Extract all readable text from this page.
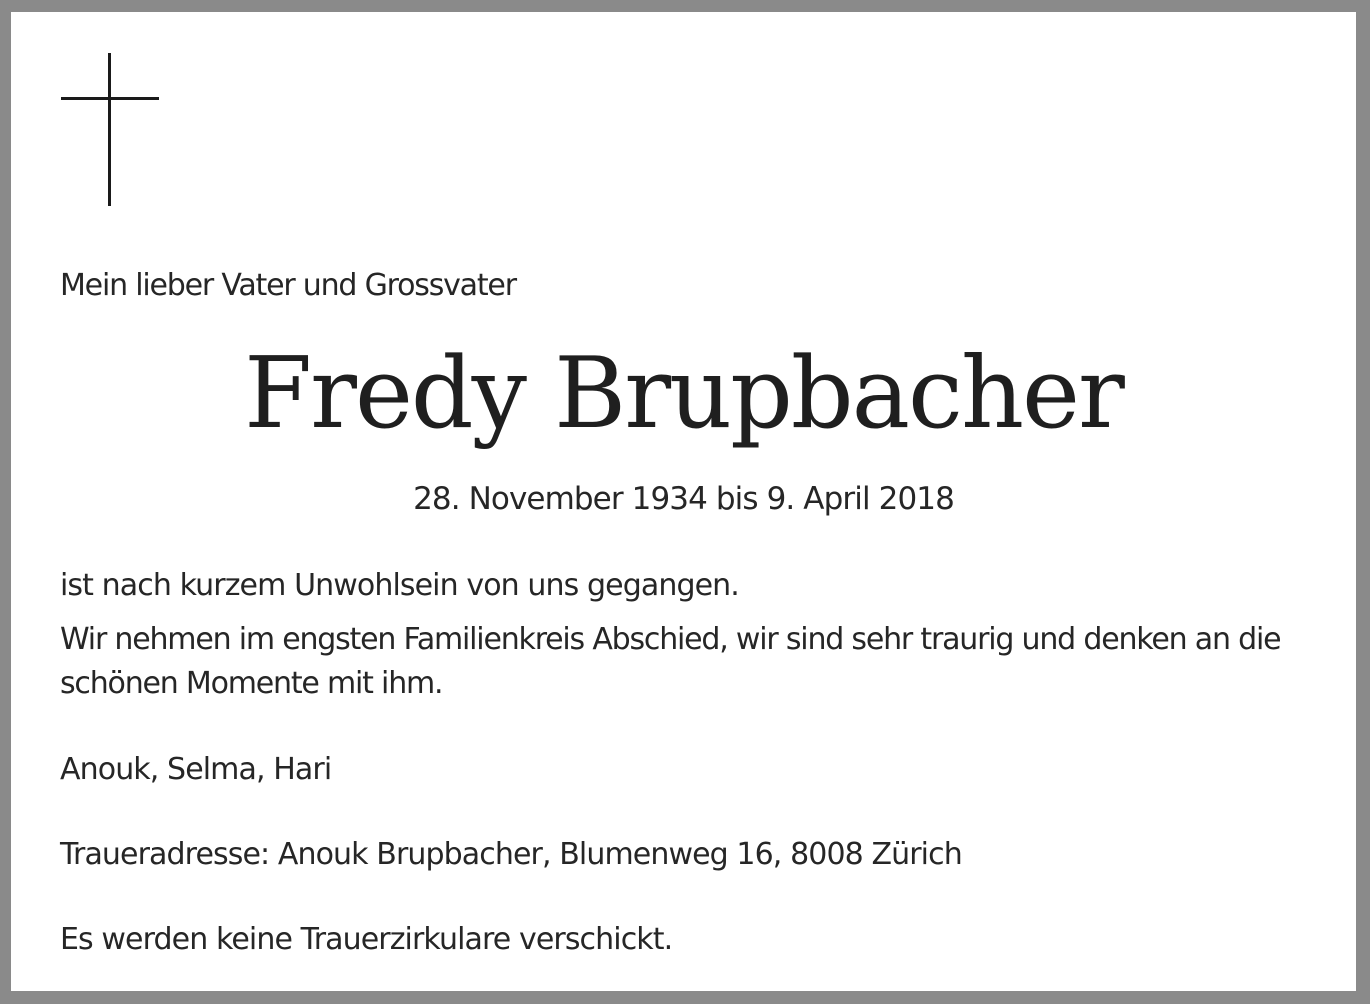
Mein lieber Vater und Grossvater
Fredy Brupbacher
28. November 1934 bis 9. April 2018
ist nach kurzem Unwohlsein von uns gegangen.
Wir nehmen im engsten Familienkreis Abschied, wir sind sehr traurig und denken an die schönen Momente mit ihm.
Anouk, Selma, Hari
Traueradresse: Anouk Brupbacher, Blumenweg 16, 8008 Zürich
Es werden keine Trauerzirkulare verschickt.
